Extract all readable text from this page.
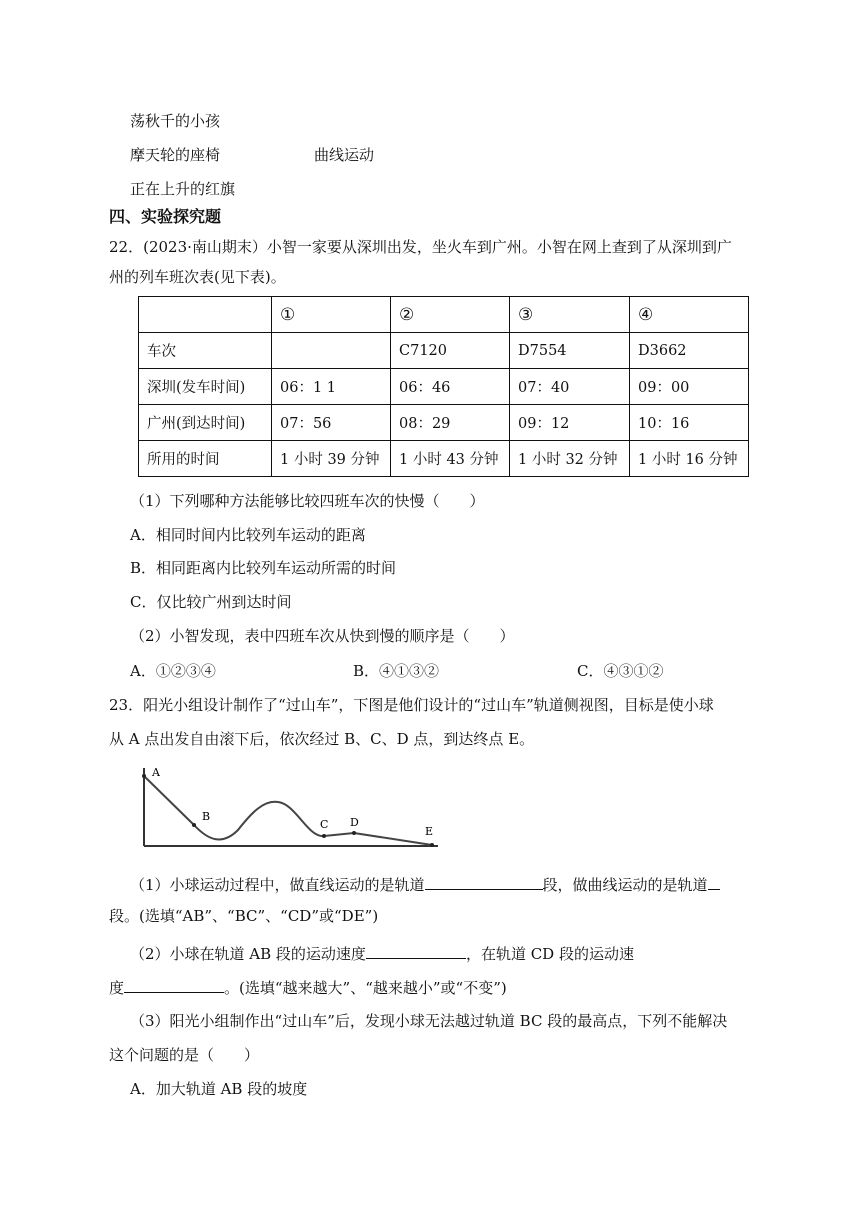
荡秋千的小孩
摩天轮的座椅	曲线运动
正在上升的红旗
四、实验探究题
22．(2023·南山期末）小智一家要从深圳出发，坐火车到广州。小智在网上查到了从深圳到广
州的列车班次表(见下表)。
	①	②	③	④
车次		C7120	D7554	D3662
深圳(发车时间)	06：1 1	06：46	07：40	09：00
广州(到达时间)	07：56	08：29	09：12	10：16
所用的时间	1 小时 39 分钟	1 小时 43 分钟	1 小时 32 分钟	1 小时 16 分钟
（1）下列哪种方法能够比较四班车次的快慢（　　）
A．相同时间内比较列车运动的距离
B．相同距离内比较列车运动所需的时间
C．仅比较广州到达时间
（2）小智发现，表中四班车次从快到慢的顺序是（　　）
A．①②③④	B．④①③②	C．④③①②
23．阳光小组设计制作了“过山车”，下图是他们设计的“过山车”轨道侧视图，目标是使小球
从 A 点出发自由滚下后，依次经过 B、C、D 点，到达终点 E。
A
B
C D
E
（1）小球运动过程中，做直线运动的是轨道	段，做曲线运动的是轨道
段。(选填“AB”、“BC”、“CD”或“DE”)
（2）小球在轨道 AB 段的运动速度	，在轨道 CD 段的运动速
度	。(选填“越来越大”、“越来越小”或“不变”)
（3）阳光小组制作出“过山车”后，发现小球无法越过轨道 BC 段的最高点，下列不能解决
这个问题的是（　　）
A．加大轨道 AB 段的坡度
